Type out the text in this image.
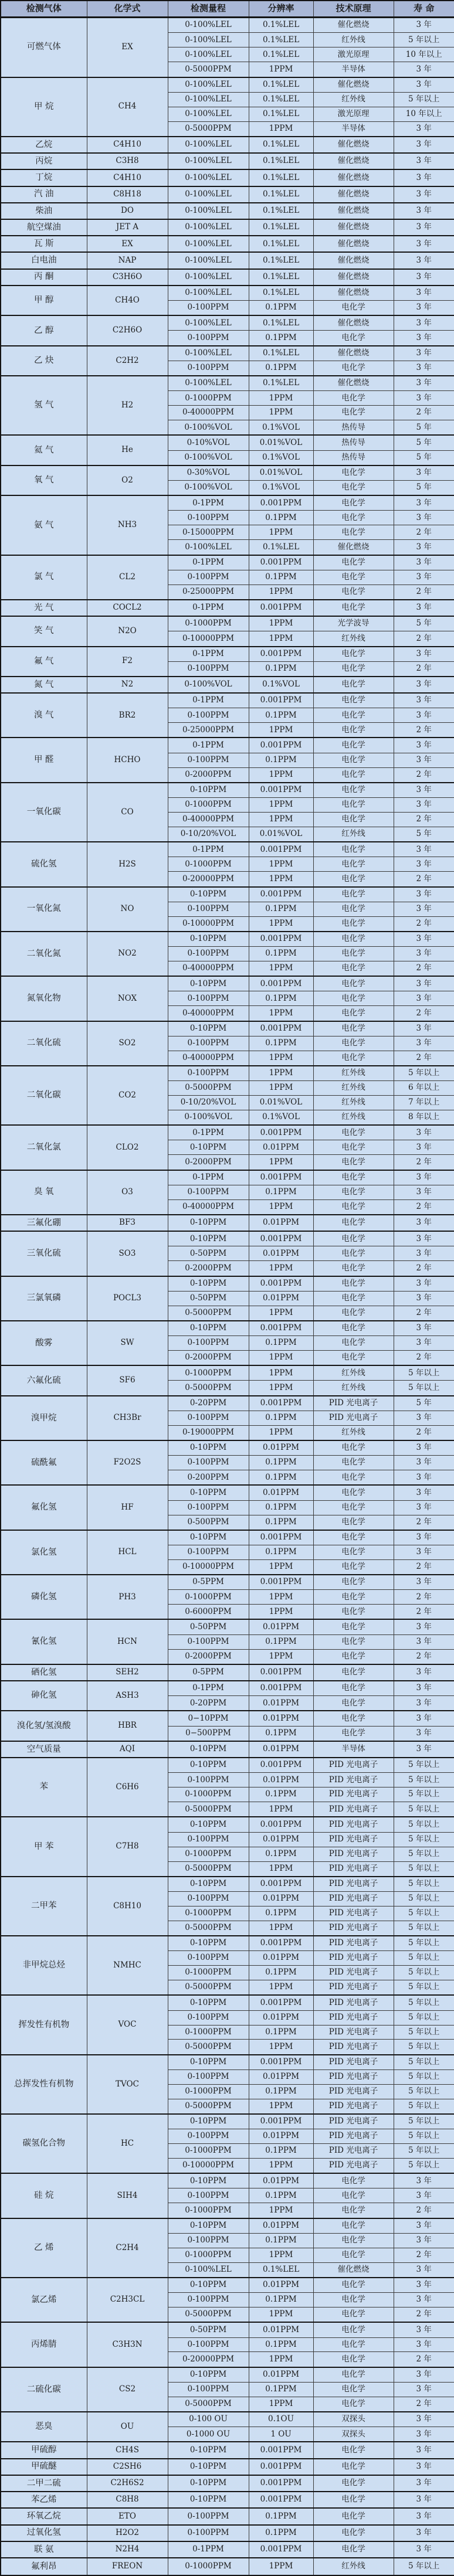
检测气体	化学式	检测量程	分辨率	技术原理	寿 命
可燃气体	EX	0-100%LEL	0.1%LEL	催化燃烧	3 年
		0-100%LEL	0.1%LEL	红外线	5 年以上
		0-100%LEL	0.1%LEL	激光原理	10 年以上
		0-5000PPM	1PPM	半导体	3 年
甲 烷	CH4	0-100%LEL	0.1%LEL	催化燃烧	3 年
		0-100%LEL	0.1%LEL	红外线	5 年以上
		0-100%LEL	0.1%LEL	激光原理	10 年以上
		0-5000PPM	1PPM	半导体	3 年
乙烷	C4H10	0-100%LEL	0.1%LEL	催化燃烧	3 年
丙烷	C3H8	0-100%LEL	0.1%LEL	催化燃烧	3 年
丁烷	C4H10	0-100%LEL	0.1%LEL	催化燃烧	3 年
汽 油	C8H18	0-100%LEL	0.1%LEL	催化燃烧	3 年
柴油	DO	0-100%LEL	0.1%LEL	催化燃烧	3 年
航空煤油	JET A	0-100%LEL	0.1%LEL	催化燃烧	3 年
瓦 斯	EX	0-100%LEL	0.1%LEL	催化燃烧	3 年
白电油	NAP	0-100%LEL	0.1%LEL	催化燃烧	3 年
丙 酮	C3H6O	0-100%LEL	0.1%LEL	催化燃烧	3 年
甲 醇	CH4O	0-100%LEL	0.1%LEL	催化燃烧	3 年
		0-100PPM	0.1PPM	电化学	3 年
乙 醇	C2H6O	0-100%LEL	0.1%LEL	催化燃烧	3 年
		0-100PPM	0.1PPM	电化学	3 年
乙 炔	C2H2	0-100%LEL	0.1%LEL	催化燃烧	3 年
		0-100PPM	0.1PPM	电化学	3 年
氢 气	H2	0-100%LEL	0.1%LEL	催化燃烧	3 年
		0-1000PPM	1PPM	电化学	3 年
		0-40000PPM	1PPM	电化学	2 年
		0-100%VOL	0.1%VOL	热传导	5 年
氦 气	He	0-10%VOL	0.01%VOL	热传导	5 年
		0-100%VOL	0.1%VOL	热传导	5 年
氧 气	O2	0-30%VOL	0.01%VOL	电化学	3 年
		0-100%VOL	0.1%VOL	电化学	5 年
氨 气	NH3	0-1PPM	0.001PPM	电化学	3 年
		0-100PPM	0.1PPM	电化学	3 年
		0-15000PPM	1PPM	电化学	2 年
		0-100%LEL	0.1%LEL	催化燃烧	3 年
氯 气	CL2	0-1PPM	0.001PPM	电化学	3 年
		0-100PPM	0.1PPM	电化学	3 年
		0-25000PPM	1PPM	电化学	2 年
光 气	COCL2	0-1PPM	0.001PPM	电化学	3 年
笑 气	N2O	0-1000PPM	1PPM	光学波导	5 年
		0-10000PPM	1PPM	红外线	2 年
氟 气	F2	0-1PPM	0.001PPM	电化学	3 年
		0-100PPM	0.1PPM	电化学	2 年
氮 气	N2	0-100%VOL	0.1%VOL	电化学	3 年
溴 气	BR2	0-1PPM	0.001PPM	电化学	3 年
		0-100PPM	0.1PPM	电化学	3 年
		0-25000PPM	1PPM	电化学	2 年
甲 醛	HCHO	0-1PPM	0.001PPM	电化学	3 年
		0-100PPM	0.1PPM	电化学	3 年
		0-2000PPM	1PPM	电化学	2 年
一氧化碳	CO	0-10PPM	0.001PPM	电化学	3 年
		0-1000PPM	1PPM	电化学	3 年
		0-40000PPM	1PPM	电化学	2 年
		0-10/20%VOL	0.01%VOL	红外线	5 年
硫化氢	H2S	0-1PPM	0.001PPM	电化学	3 年
		0-1000PPM	1PPM	电化学	3 年
		0-20000PPM	1PPM	电化学	2 年
一氧化氮	NO	0-10PPM	0.001PPM	电化学	3 年
		0-100PPM	0.1PPM	电化学	3 年
		0-10000PPM	1PPM	电化学	2 年
二氧化氮	NO2	0-10PPM	0.001PPM	电化学	3 年
		0-100PPM	0.1PPM	电化学	3 年
		0-40000PPM	1PPM	电化学	2 年
氮氧化物	NOX	0-10PPM	0.001PPM	电化学	3 年
		0-100PPM	0.1PPM	电化学	3 年
		0-40000PPM	1PPM	电化学	2 年
二氧化硫	SO2	0-10PPM	0.001PPM	电化学	3 年
		0-100PPM	0.1PPM	电化学	3 年
		0-40000PPM	1PPM	电化学	2 年
二氧化碳	CO2	0-100PPM	1PPM	红外线	5 年以上
		0-5000PPM	1PPM	红外线	6 年以上
		0-10/20%VOL	0.01%VOL	红外线	7 年以上
		0-100%VOL	0.1%VOL	红外线	8 年以上
二氧化氯	CLO2	0-1PPM	0.001PPM	电化学	3 年
		0-10PPM	0.01PPM	电化学	3 年
		0-2000PPM	1PPM	电化学	2 年
臭 氧	O3	0-1PPM	0.001PPM	电化学	3 年
		0-100PPM	0.1PPM	电化学	3 年
		0-40000PPM	1PPM	电化学	2 年
三氟化硼	BF3	0-10PPM	0.01PPM	电化学	3 年
三氧化硫	SO3	0-10PPM	0.001PPM	电化学	3 年
		0-50PPM	0.01PPM	电化学	3 年
		0-2000PPM	1PPM	电化学	2 年
三氯氧磷	POCL3	0-10PPM	0.001PPM	电化学	3 年
		0-50PPM	0.01PPM	电化学	3 年
		0-5000PPM	1PPM	电化学	2 年
酸雾	SW	0-10PPM	0.001PPM	电化学	3 年
		0-100PPM	0.1PPM	电化学	3 年
		0-2000PPM	1PPM	电化学	2 年
六氟化硫	SF6	0-1000PPM	1PPM	红外线	5 年以上
		0-5000PPM	1PPM	红外线	5 年以上
溴甲烷	CH3Br	0-20PPM	0.001PPM	PID 光电离子	5 年
		0-100PPM	0.1PPM	PID 光电离子	3 年
		0-19000PPM	1PPM	红外线	2 年
硫酰氟	F2O2S	0-10PPM	0.01PPM	电化学	3 年
		0-100PPM	0.1PPM	电化学	3 年
		0-200PPM	0.1PPM	电化学	3 年
氟化氢	HF	0-10PPM	0.01PPM	电化学	3 年
		0-100PPM	0.1PPM	电化学	3 年
		0-500PPM	0.1PPM	电化学	2 年
氯化氢	HCL	0-10PPM	0.001PPM	电化学	3 年
		0-100PPM	0.1PPM	电化学	3 年
		0-10000PPM	1PPM	电化学	2 年
磷化氢	PH3	0-5PPM	0.001PPM	电化学	3 年
		0-1000PPM	1PPM	电化学	2 年
		0-6000PPM	1PPM	电化学	2 年
氰化氢	HCN	0-50PPM	0.01PPM	电化学	3 年
		0-100PPM	0.1PPM	电化学	3 年
		0-2000PPM	1PPM	电化学	2 年
硒化氢	SEH2	0-5PPM	0.001PPM	电化学	3 年
砷化氢	ASH3	0-1PPM	0.001PPM	电化学	3 年
		0-20PPM	0.01PPM	电化学	3 年
溴化氢/氢溴酸	HBR	0−10PPM	0.01PPM	电化学	3 年
		0−500PPM	0.1PPM	电化学	3 年
空气质量	AQI	0-10PPM	0.01PPM	半导体	3 年
苯	C6H6	0-10PPM	0.001PPM	PID 光电离子	5 年以上
		0-100PPM	0.01PPM	PID 光电离子	5 年以上
		0-1000PPM	0.1PPM	PID 光电离子	5 年以上
		0-5000PPM	1PPM	PID 光电离子	5 年以上
甲 苯	C7H8	0-10PPM	0.001PPM	PID 光电离子	5 年以上
		0-100PPM	0.01PPM	PID 光电离子	5 年以上
		0-1000PPM	0.1PPM	PID 光电离子	5 年以上
		0-5000PPM	1PPM	PID 光电离子	5 年以上
二甲苯	C8H10	0-10PPM	0.001PPM	PID 光电离子	5 年以上
		0-100PPM	0.01PPM	PID 光电离子	5 年以上
		0-1000PPM	0.1PPM	PID 光电离子	5 年以上
		0-5000PPM	1PPM	PID 光电离子	5 年以上
非甲烷总烃	NMHC	0-10PPM	0.001PPM	PID 光电离子	5 年以上
		0-100PPM	0.01PPM	PID 光电离子	5 年以上
		0-1000PPM	0.1PPM	PID 光电离子	5 年以上
		0-5000PPM	1PPM	PID 光电离子	5 年以上
挥发性有机物	VOC	0-10PPM	0.001PPM	PID 光电离子	5 年以上
		0-100PPM	0.01PPM	PID 光电离子	5 年以上
		0-1000PPM	0.1PPM	PID 光电离子	5 年以上
		0-5000PPM	1PPM	PID 光电离子	5 年以上
总挥发性有机物	TVOC	0-10PPM	0.001PPM	PID 光电离子	5 年以上
		0-100PPM	0.01PPM	PID 光电离子	5 年以上
		0-1000PPM	0.1PPM	PID 光电离子	5 年以上
		0-5000PPM	1PPM	PID 光电离子	5 年以上
碳氢化合物	HC	0-10PPM	0.001PPM	PID 光电离子	5 年以上
		0-100PPM	0.01PPM	PID 光电离子	5 年以上
		0-1000PPM	0.1PPM	PID 光电离子	5 年以上
		0-10000PPM	1PPM	PID 光电离子	5 年以上
硅 烷	SIH4	0-10PPM	0.01PPM	电化学	3 年
		0-100PPM	0.1PPM	电化学	3 年
		0-1000PPM	1PPM	电化学	2 年
乙 烯	C2H4	0-10PPM	0.01PPM	电化学	3 年
		0-100PPM	0.1PPM	电化学	3 年
		0-1000PPM	1PPM	电化学	2 年
		0-100%LEL	0.1%LEL	催化燃烧	3 年
氯乙烯	C2H3CL	0-10PPM	0.01PPM	电化学	3 年
		0-100PPM	0.1PPM	电化学	3 年
		0-5000PPM	1PPM	电化学	2 年
丙烯腈	C3H3N	0-50PPM	0.01PPM	电化学	3 年
		0-100PPM	0.1PPM	电化学	3 年
		0-20000PPM	1PPM	电化学	2 年
二硫化碳	CS2	0-10PPM	0.01PPM	电化学	3 年
		0-100PPM	0.1PPM	电化学	3 年
		0-5000PPM	1PPM	电化学	2 年
恶臭	OU	0-100 OU	0.1OU	双探头	3 年
		0-1000 OU	1 OU	双探头	3 年
甲硫醇	CH4S	0-10PPM	0.001PPM	电化学	3 年
甲硫醚	C2SH6	0-10PPM	0.001PPM	电化学	3 年
二甲二硫	C2H6S2	0-10PPM	0.001PPM	电化学	3 年
苯乙烯	C8H8	0-10PPM	0.001PPM	电化学	3 年
环氧乙烷	ETO	0-100PPM	0.1PPM	电化学	3 年
过氧化氢	H2O2	0-100PPM	0.1PPM	电化学	3 年
联 氨	N2H4	0-1PPM	0.001PPM	电化学	3 年
氟利昂	FREON	0-1000PPM	1PPM	红外线	5 年以上
